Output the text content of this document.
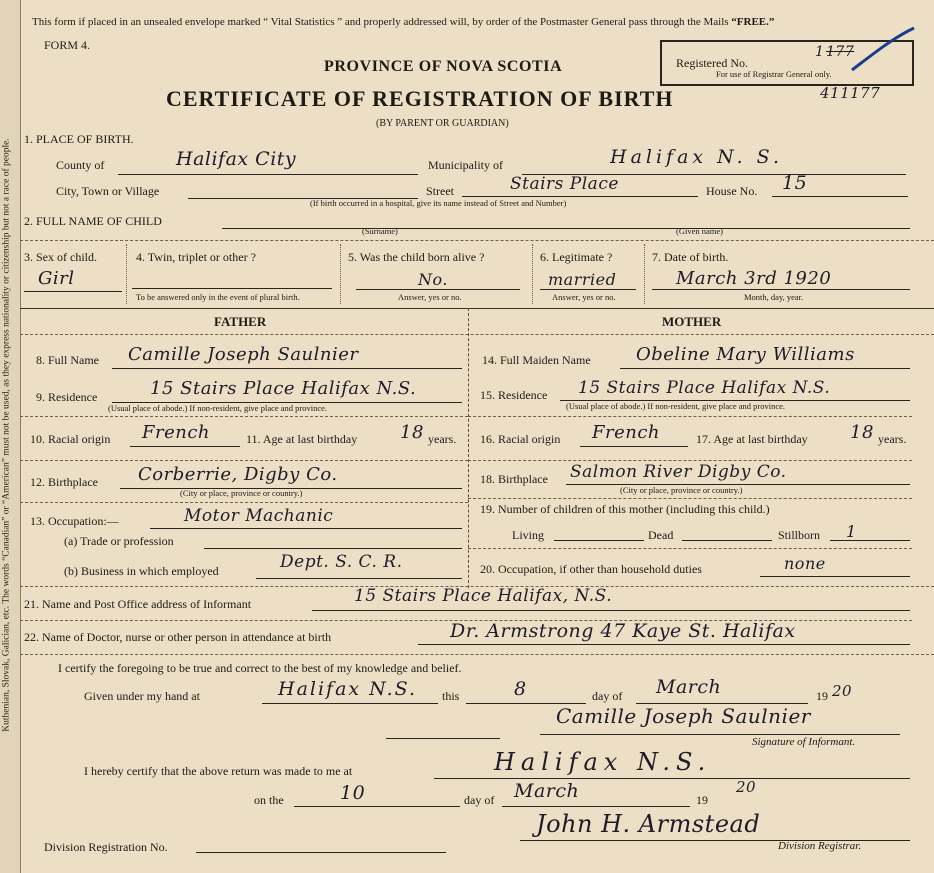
Kuthenian, Slovak, Galician, etc. The words “Canadian” or “American” must not be used, as they express nationality or citizenship but not a race of people.
This form if placed in an unsealed envelope marked “ Vital Statistics ” and properly addressed will, by order of the Postmaster General pass through the Mails “FREE.”
FORM 4.
PROVINCE OF NOVA SCOTIA
CERTIFICATE OF REGISTRATION OF BIRTH
(BY PARENT OR GUARDIAN)
Registered No.
1 177
For use of Registrar General only.
411177
1. PLACE OF BIRTH.
County of	Halifax City	Municipality of	Halifax N. S.
City, Town or Village	Street	Stairs Place	House No. 15
(If birth occurred in a hospital, give its name instead of Street and Number)
2. FULL NAME OF CHILD
(Surname)	(Given name)
3. Sex of child.
Girl
4. Twin, triplet or other ?
To be answered only in the event of plural birth.
5. Was the child born alive ?
No.
Answer, yes or no.
6. Legitimate ?
married
Answer, yes or no.
7. Date of birth.
March 3rd 1920
Month, day, year.
FATHER	MOTHER
8. Full Name Camille Joseph Saulnier
9. Residence	15 Stairs Place Halifax N.S.
(Usual place of abode.) If non-resident, give place and province.
10. Racial origin French	11. Age at last birthday 18 years.
12. Birthplace Corberrie, Digby Co.
(City or place, province or country.)
13. Occupation:—	Motor Machanic
(a) Trade or profession
(b) Business in which employed	Dept. S. C. R.
14. Full Maiden Name	Obeline Mary Williams
15. Residence 15 Stairs Place Halifax N.S.
(Usual place of abode.) If non-resident, give place and province.
16. Racial origin French	17. Age at last birthday 18 years.
18. Birthplace Salmon River Digby Co.
(City or place, province or country.)
19. Number of children of this mother (including this child.)
Living	Dead	Stillborn 1
20. Occupation, if other than household duties	none
21. Name and Post Office address of Informant	15 Stairs Place Halifax, N.S.
22. Name of Doctor, nurse or other person in attendance at birth	Dr. Armstrong 47 Kaye St. Halifax
I certify the foregoing to be true and correct to the best of my knowledge and belief.
Given under my hand at	Halifax N.S. this	8	day of March	19 20
Camille Joseph Saulnier
Signature of Informant.
I hereby certify that the above return was made to me at	Halifax N.S.
on the	10	day of March	19
20
Division Registration No.
John H. Armstead
Division Registrar.
